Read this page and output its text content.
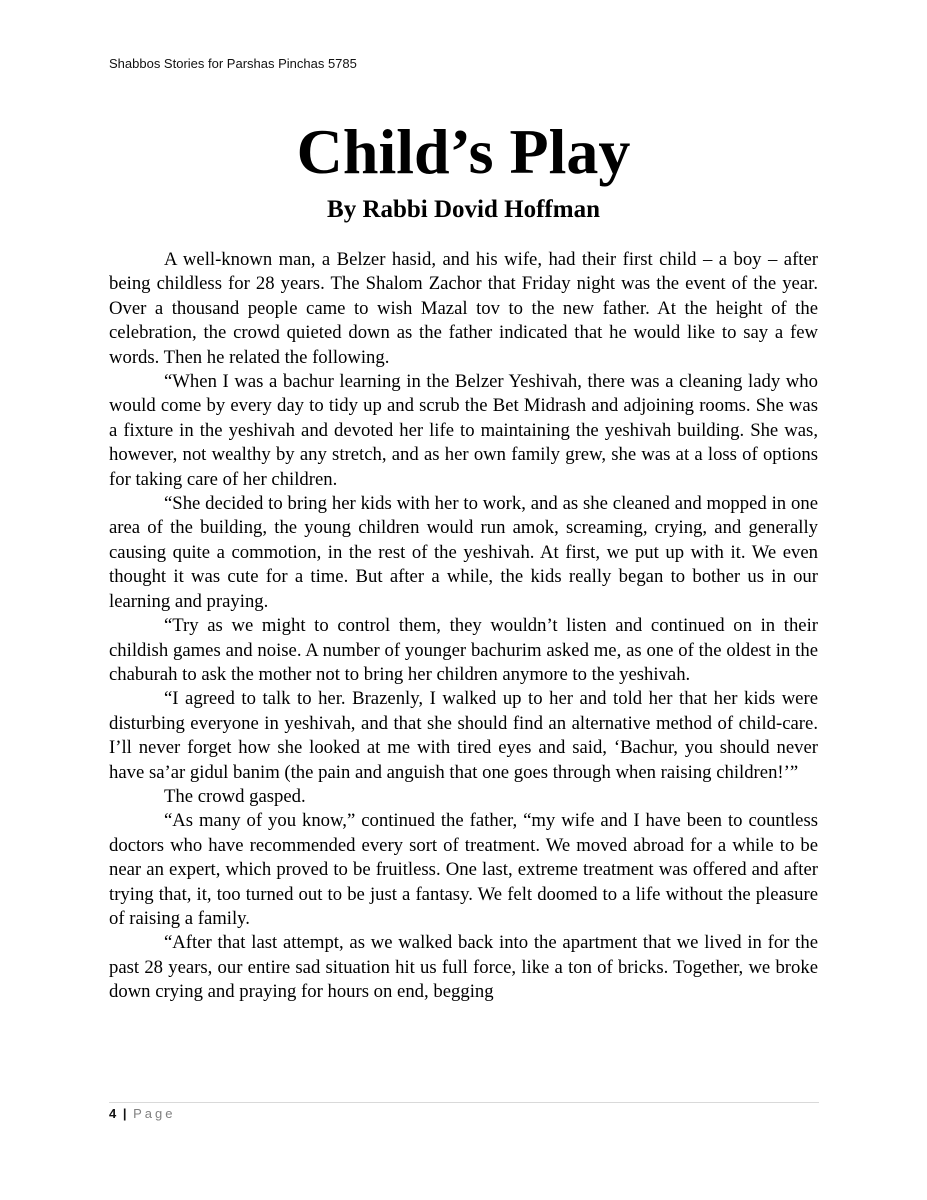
Shabbos Stories for Parshas Pinchas 5785
Child’s Play
By Rabbi Dovid Hoffman

A well-known man, a Belzer hasid, and his wife, had their first child – a boy – after being childless for 28 years. The Shalom Zachor that Friday night was the event of the year. Over a thousand people came to wish Mazal tov to the new father. At the height of the celebration, the crowd quieted down as the father indicated that he would like to say a few words. Then he related the following.

“When I was a bachur learning in the Belzer Yeshivah, there was a cleaning lady who would come by every day to tidy up and scrub the Bet Midrash and adjoining rooms. She was a fixture in the yeshivah and devoted her life to maintaining the yeshivah building. She was, however, not wealthy by any stretch, and as her own family grew, she was at a loss of options for taking care of her children.

“She decided to bring her kids with her to work, and as she cleaned and mopped in one area of the building, the young children would run amok, screaming, crying, and generally causing quite a commotion, in the rest of the yeshivah. At first, we put up with it. We even thought it was cute for a time. But after a while, the kids really began to bother us in our learning and praying.

“Try as we might to control them, they wouldn’t listen and continued on in their childish games and noise. A number of younger bachurim asked me, as one of the oldest in the chaburah to ask the mother not to bring her children anymore to the yeshivah.

“I agreed to talk to her. Brazenly, I walked up to her and told her that her kids were disturbing everyone in yeshivah, and that she should find an alternative method of child-care. I’ll never forget how she looked at me with tired eyes and said, ‘Bachur, you should never have sa’ar gidul banim (the pain and anguish that one goes through when raising children!’”

The crowd gasped.

“As many of you know,” continued the father, “my wife and I have been to countless doctors who have recommended every sort of treatment. We moved abroad for a while to be near an expert, which proved to be fruitless. One last, extreme treatment was offered and after trying that, it, too turned out to be just a fantasy. We felt doomed to a life without the pleasure of raising a family.

“After that last attempt, as we walked back into the apartment that we lived in for the past 28 years, our entire sad situation hit us full force, like a ton of bricks. Together, we broke down crying and praying for hours on end, begging

4 | Page
